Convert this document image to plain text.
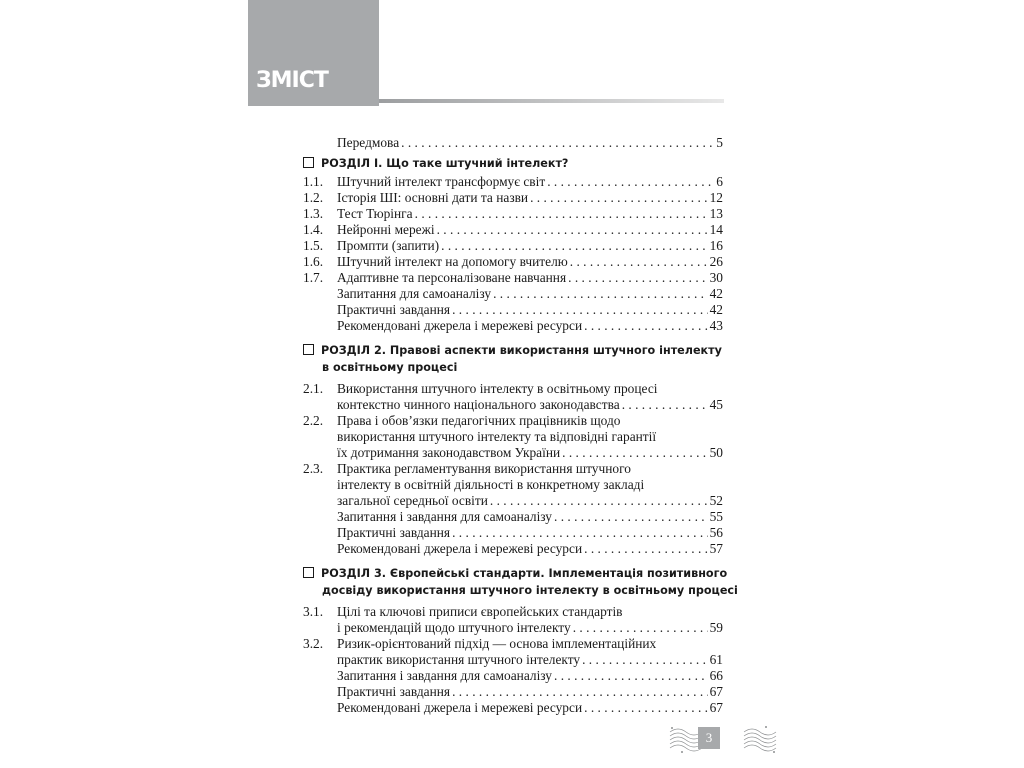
ЗМІСТ
Передмова . . .	5
РОЗДІЛ І. Що таке штучний інтелект?
1.1. Штучний інтелект трансформує світ . . .	6
1.2. Історія ШІ: основні дати та назви . . .	12
1.3. Тест Тюрінга . . .	13
1.4. Нейронні мережі . . .	14
1.5. Промпти (запити) . . .	16
1.6. Штучний інтелект на допомогу вчителю . . .	26
1.7. Адаптивне та персоналізоване навчання . . .	30
Запитання для самоаналізу . . .	42
Практичні завдання . . .	42
Рекомендовані джерела і мережеві ресурси . . .	43
РОЗДІЛ 2. Правові аспекти використання штучного інтелекту
в освітньому процесі
2.1. Використання штучного інтелекту в освітньому процесі
контекстно чинного національного законодавства . . .	45
2.2. Права і обов’язки педагогічних працівників щодо
використання штучного інтелекту та відповідні гарантії
їх дотримання законодавством України . . .	50
2.3. Практика регламентування використання штучного
інтелекту в освітній діяльності в конкретному закладі
загальної середньої освіти . . .	52
Запитання і завдання для самоаналізу . . .	55
Практичні завдання . . .	56
Рекомендовані джерела і мережеві ресурси . . .	57
РОЗДІЛ 3. Європейські стандарти. Імплементація позитивного
досвіду використання штучного інтелекту в освітньому процесі
3.1. Цілі та ключові приписи європейських стандартів
і рекомендацій щодо штучного інтелекту . . .	59
3.2. Ризик-орієнтований підхід — основа імплементаційних
практик використання штучного інтелекту . . .	61
Запитання і завдання для самоаналізу . . .	66
Практичні завдання . . .	67
Рекомендовані джерела і мережеві ресурси . . .	67
3
